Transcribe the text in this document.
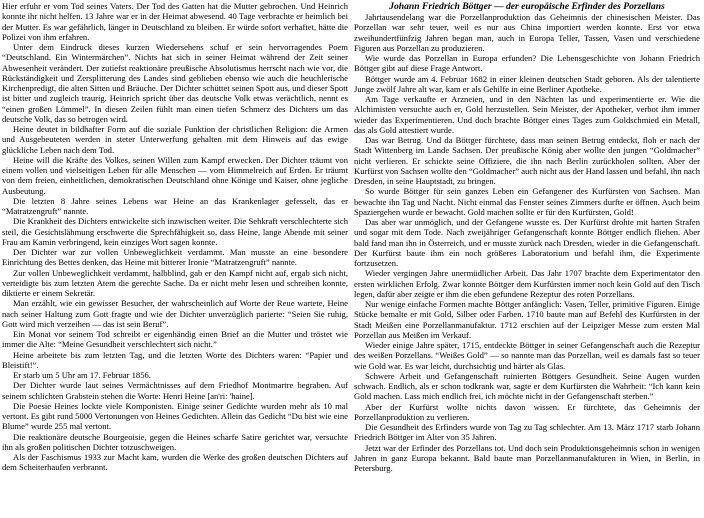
Hier erfuhr er vom Tod seines Vaters. Der Tod des Gatten hat die Mutter gebrochen. Und Heinrich konnte ihr nicht helfen. 13 Jahre war er in der Heimat abwesend. 40 Tage verbrachte er heimlich bei der Mutter. Es war gefährlich, länger in Deutschland zu bleiben. Er würde sofort verhaftet, hätte die Polizei von ihm erfahren.

Unter dem Eindruck dieses kurzen Wiedersehens schuf er sein hervorragendes Poem “Deutschland. Ein Wintermärchen”. Nichts hat sich in seiner Heimat während der Zeit seiner Abwesenheit verändert. Der zutiefst reaktionäre preußische Absolutismus herrscht nach wie vor, die Rückständigkeit und Zersplitterung des Landes sind geblieben ebenso wie auch die heuchlerische Kirchenpredigt, die alten Sitten und Bräuche. Der Dichter schüttet seinen Spott aus, und dieser Spott ist bitter und zugleich traurig. Heinrich spricht über das deutsche Volk etwas verächtlich, nennt es “einen großen Lümmel”. In diesen Zeilen fühlt man einen tiefen Schmerz des Dichters um das deutsche Volk, das so betrogen wird.

Heine deutet in bildhafter Form auf die soziale Funktion der christlichen Religion: die Armen und Ausgebeuteten werden in steter Unterwerfung gehalten mit dem Hinweis auf das ewige glückliche Leben nach dem Tod.

Heine will die Kräfte des Volkes, seinen Willen zum Kampf erwecken. Der Dichter träumt von einem vollen und vielseitigen Leben für alle Menschen — vom Himmelreich auf Erden. Er träumt von dem freien, einheitlichen, demokratischen Deutschland ohne Könige und Kaiser, ohne jegliche Ausbeutung.

Die letzten 8 Jahre seines Lebens war Heine an das Krankenlager gefesselt, das er “Matratzengruft” nannte.

Die Krankheit des Dichters entwickelte sich inzwischen weiter. Die Sehkraft verschlechterte sich steil, die Gesichtslähmung erschwerte die Sprechfähigkeit so, dass Heine, lange Abende mit seiner Frau am Kamin verbringend, kein einziges Wort sagen konnte.

Der Dichter war zur vollen Unbeweglichkeit verdammt. Man musste an eine besondere Einrichtung des Bettes denken, das Heine mit bitterer Ironie “Matratzengruft” nannte.

Zur vollen Unbeweglichkeit verdammt, halbblind, gab er den Kampf nicht auf, ergab sich nicht, verteidigte bis zum letzten Atem die gerechte Sache. Da er nicht mehr lesen und schreiben konnte, diktierte er einem Sekretär.

Man erzählt, wie ein gewisser Besucher, der wahrscheinlich auf Worte der Reue wartete, Heine nach seiner Haltung zum Gott fragte und wie der Dichter unverzüglich parierte: “Seien Sie ruhig, Gott wird mich verzeihen — das ist sein Beruf”.

Ein Monat vor seinem Tod schreibt er eigenhändig einen Brief an die Mutter und tröstet wie immer die Alte: “Meine Gesundheit verschlechtert sich nicht.”

Heine arbeitete bis zum letzten Tag, und die letzten Worte des Dichters waren: “Papier und Bleistift!”.

Er starb um 5 Uhr am 17. Februar 1856.

Der Dichter wurde laut seines Vermächtnisses auf dem Friedhof Montmartre begraben. Auf seinem schlichten Grabstein stehen die Worte: Henri Heine [an'ri: 'haine].

Die Poesie Heines lockte viele Komponisten. Einige seiner Gedichte wurden mehr als 10 mal vertont. Es gibt rund 5000 Vertonungen von Heines Gedichten. Allein das Gedicht “Du bist wie eine Blume” wurde 255 mal vertont.

Die reaktionäre deutsche Bourgeoisie, gegen die Heines scharfe Satire gerichtet war, versuchte ihn als großen politischen Dichter totzuschweigen.

Als der Faschismus 1933 zur Macht kam, wurden die Werke des großen deutschen Dichters auf dem Scheiterhaufen verbrannt.

Johann Friedrich Böttger — der europäische Erfinder des Porzellans

Jahrtausendelang war die Porzellanproduktion das Geheimnis der chinesischen Meister. Das Porzellan war sehr teuer, weil es nur aus China importiert werden konnte. Erst vor etwa zweihundertfünfzig Jahren began man, auch in Europa Teller, Tassen, Vasen und verschiedene Figuren aus Porzellan zu produzieren.

Wie wurde das Porzellan in Europa erfunden? Die Lebensgeschichte von Johann Friedrich Böttger gibt auf diese Frage Antwort.

Böttger wurde am 4. Februar 1682 in einer kleinen deutschen Stadt geboren. Als der talentierte Junge zwölf Jahre alt war, kam er als Gehilfe in eine Berliner Apotheke.

Am Tage verkaufte er Arzneien, und in den Nächten las und experimentierte er. Wie die Alchimisten versuchte auch er, Gold herzustellen. Sein Meister, der Apotheker, verbot ihm immer wieder das Experimentieren. Und doch brachte Böttger eines Tages zum Goldschmied ein Metall, das als Gold attestiert wurde.

Das war Betrug. Und da Böttger fürchtete, dass man seinen Betrug entdeckt, floh er nach der Stadt Wittenberg im Lande Sachsen. Der preußische König aber wollte den jungen “Goldmacher” nicht verlieren. Er schickte seine Offiziere, die ihn nach Berlin zurückholen sollten. Aber der Kurfürst von Sachsen wollte den “Goldmacher” auch nicht aus der Hand lassen und befahl, ihn nach Dresden, in seine Hauptstadt, zu bringen.

So wurde Böttger für sein ganzes Leben ein Gefangener des Kurfürsten von Sachsen. Man bewachte ihn Tag und Nacht. Nicht einmal das Fenster seines Zimmers durfte er öffnen. Auch beim Spaziergehen wurde er bewacht. Gold machen sollte er für den Kurfürsten, Gold!

Das aber war unmöglich, und der Gefangene wusste es. Der Kurfürst drohte mit harten Strafen und sogar mit dem Tode. Nach zweijähriger Gefangenschaft konnte Böttger endlich fliehen. Aber bald fand man ihn in Österreich, und er musste zurück nach Dresden, wieder in die Gefangenschaft. Der Kurfürst baute ihm ein noch größeres Laboratorium und befahl ihm, die Experimente fortzusetzen.

Wieder vergingen Jahre unermüdlicher Arbeit. Das Jahr 1707 brachte dem Experimentator den ersten wirklichen Erfolg. Zwar konnte Böttger dem Kurfürsten immer noch kein Gold auf den Tisch legen, dafür aber zeigte er ihm die eben gefundene Rezeptur des roten Porzellans.

Nur wenige einfache Formen machte Böttger anfänglich: Vasen, Teller, primitive Figuren. Einige Stücke bemalte er mit Gold, Silber oder Farben. 1710 baute man auf Befehl des Kurfürsten in der Stadt Meißen eine Porzellanmanufaktur. 1712 erschien auf der Leipziger Messe zum ersten Mal Porzellan aus Meißen im Verkauf.

Wieder einige Jahre später, 1715, entdeckte Böttger in seiner Gefangenschaft auch die Rezeptur des weißen Porzellans. “Weißes Gold” — so nannte man das Porzellan, weil es damals fast so teuer wie Gold war. Es war leicht, durchsichtig und härter als Glas.

Schwere Arbeit und Gefangenschaft ruinierten Böttgers Gesundheit. Seine Augen wurden schwach. Endlich, als er schon todkrank war, sagte er dem Kurfürsten die Wahrheit: “Ich kann kein Gold machen. Lass mich endlich frei, ich möchte nicht in der Gefangenschaft sterben.”

Aber der Kurfürst wollte nichts davon wissen. Er fürchtete, das Geheimnis der Porzellanproduktion zu verlieren.

Die Gesundheit des Erfinders wurde von Tag zu Tag schlechter. Am 13. März 1717 starb Johann Friedrich Böttger im Alter von 35 Jahren.

Jetzt war der Erfinder des Porzellans tot. Und doch sein Produktionsgeheimnis schon in wenigen Jahren in ganz Europa bekannt. Bald baute man Porzellanmanufakturen in Wien, in Berlin, in Petersburg.
